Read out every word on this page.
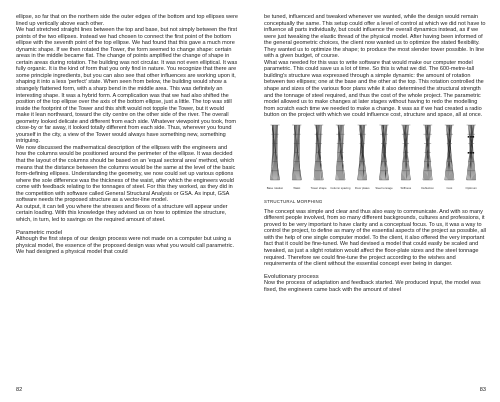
ellipse, so far that on the northern side the outer edges of the bottom and top ellipses were lined up vertically above each other.

We had stretched straight lines between the top and base, but not simply between the first points of the two ellipses. Instead we had chosen to connect the first point of the bottom ellipse with the seventh point of the top ellipse. We had found that this gave a much more dynamic shape. If we then rotated the Tower, the form seemed to change shape: certain areas in the middle became flat. The change of points amplified the change of shape in certain areas during rotation. The building was not circular. It was not even elliptical. It was fully organic. It is the kind of form that you only find in nature. You recognize that there are some principle ingredients, but you can also see that other influences are working upon it, shaping it into a less 'perfect' state. When seen from below, the building would show a strangely flattened form, with a sharp bend in the middle area. This was definitely an interesting shape. It was a hybrid form. A complication was that we had also shifted the position of the top ellipse over the axis of the bottom ellipse, just a little. The top was still inside the footprint of the Tower and this shift would not topple the Tower, but it would make it lean northward, toward the city centre on the other side of the river. The overall geometry looked delicate and different from each side. Whatever viewpoint you took, from close-by or far away, it looked totally different from each side. Thus, wherever you found yourself in the city, a view of the Tower would always have something new, something intriguing.

We now discussed the mathematical description of the ellipses with the engineers and how the columns would be positioned around the perimeter of the ellipse. It was decided that the layout of the columns should be based on an 'equal sectoral area' method, which means that the distance between the columns would be the same at the level of the basic form-defining ellipses. Understanding the geometry, we now could set up various options where the sole difference was the thickness of the waist, after which the engineers would come with feedback relating to the tonnages of steel. For this they worked, as they did in the competition with software called General Structural Analysis or GSA. As input, GSA software needs the proposed structure as a vector-line model.

As output, it can tell you where the stresses and flexes of a structure will appear under certain loading. With this knowledge they advised us on how to optimize the structure, which, in turn, led to savings on the required amount of steel.

Parametric model

Although the first steps of our design process were not made on a computer but using a physical model, the essence of the proposed design was what you would call parametric. We had designed a physical model that could

82

be tuned, influenced and tweaked whenever we wanted, while the design would remain conceptually the same. This setup could offer a level of control at which we did not have to influence all parts individually, but could influence the overall dynamics instead, as if we were just tweaking the elastic thread of the physical model. After having been informed of the general geometric choices, the client now wanted us to optimize the stated flexibility. They wanted us to optimize the shape; to produce the most slender tower possible. In line with a given budget, of course.

What was needed for this was to write software that would make our computer model parametric. This could save us a lot of time. So this is what we did. The 600-metre-tall building's structure was expressed through a simple dynamic: the amount of rotation between two ellipses; one at the base and the other at the top. This rotation controlled the shape and sizes of the various floor plans while it also determined the structural strength and the tonnage of steel required, and thus the cost of the whole project. The parametric model allowed us to make changes at later stages without having to redo the modelling from scratch each time we needed to make a change. It was as if we had created a radio button on the project with which we could influence cost, structure and space, all at once.

Base rotation	Waist	Tower shape Column spacing Floor plates Steel tonnage	Stiffness	Deflection	Cost	Optimum
STRUCTURAL MORPHING

The concept was simple and clear and thus also easy to communicate. And with so many different people involved, from so many different backgrounds, cultures and professions, it proved to be very important to have clarity and a conceptual focus. To us, it was a way to control the project, to define as many of the essential aspects of the project as possible, all with the help of one single computer model. To the client, it also offered the very important fact that it could be fine-tuned. We had devised a model that could easily be scaled and tweaked, as just a slight rotation would affect the floor-plate sizes and the steel tonnage required. Therefore we could fine-tune the project according to the wishes and requirements of the client without the essential concept ever being in danger.

Evolutionary process

Now the process of adaptation and feedback started. We produced input, the model was fixed, the engineers came back with the amount of steel

83
